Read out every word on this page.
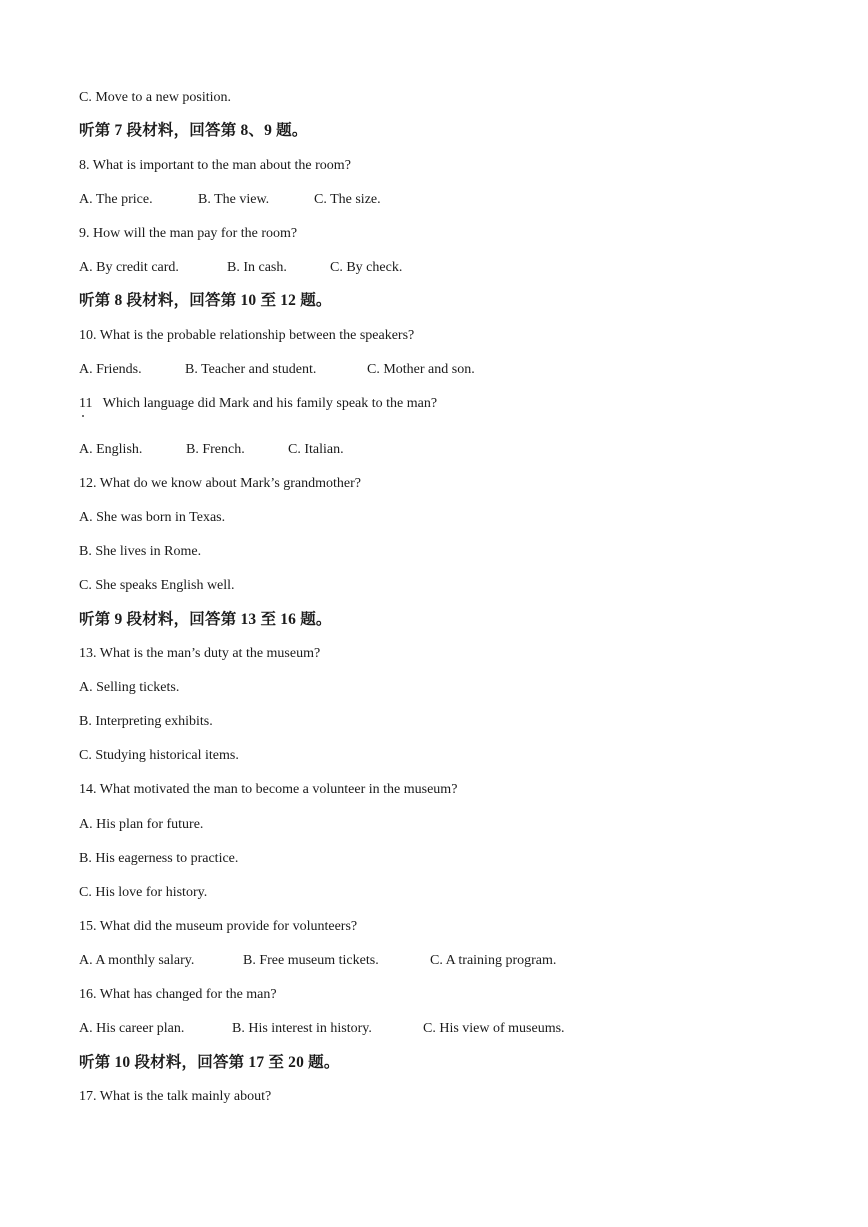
C. Move to a new position.
听第 7 段材料，回答第 8、9 题。
8. What is important to the man about the room?
A. The price.	B. The view.	C. The size.
9. How will the man pay for the room?
A. By credit card.	B. In cash.	C. By check.
听第 8 段材料，回答第 10 至 12 题。
10. What is the probable relationship between the speakers?
A. Friends.	B. Teacher and student.	C. Mother and son.
11   Which language did Mark and his family speak to the man?
A. English.	B. French.	C. Italian.
12. What do we know about Mark’s grandmother?
A. She was born in Texas.
B. She lives in Rome.
C. She speaks English well.
听第 9 段材料，回答第 13 至 16 题。
13. What is the man’s duty at the museum?
A. Selling tickets.
B. Interpreting exhibits.
C. Studying historical items.
14. What motivated the man to become a volunteer in the museum?
A. His plan for future.
B. His eagerness to practice.
C. His love for history.
15. What did the museum provide for volunteers?
A. A monthly salary.	B. Free museum tickets.	C. A training program.
16. What has changed for the man?
A. His career plan.	B. His interest in history.	C. His view of museums.
听第 10 段材料，回答第 17 至 20 题。
17. What is the talk mainly about?
